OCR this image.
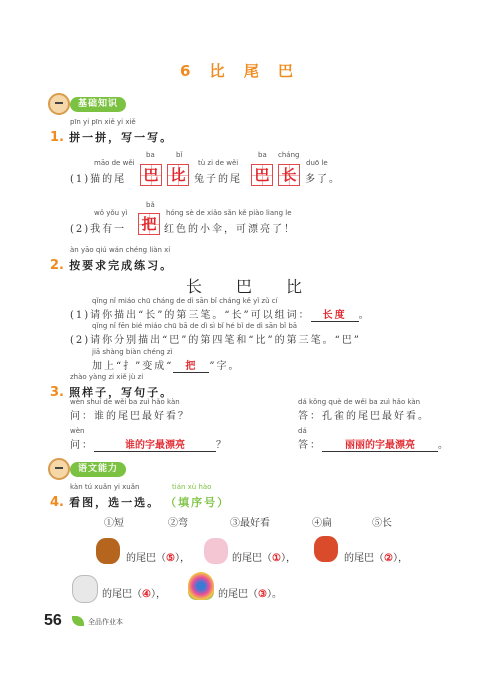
6 比 尾 巴
基础知识
pīn yi pīn xiě yi xiě
1. 拼一拼，写一写。
māo de wěi
ba	bǐ
tù zi de wěi
ba cháng
duō le
(1)猫的尾 巴 比 兔子的尾 巴 长 多了。
bǎ
wǒ yǒu yì	hóng sè de xiǎo sǎn kě piào liang le
(2)我有一 把 红色的小伞，可漂亮了！
àn yāo qiú wán chéng liàn xí
2. 按要求完成练习。
长 巴 比
qǐng nǐ miáo chū cháng de dì sān bǐ cháng kě yǐ zǔ cí
(1)请你描出“长”的第三笔。“长”可以组词： 长度 。
qǐng nǐ fēn bié miáo chū bā de dì sì bǐ hé bǐ de dì sān bǐ bā
(2)请你分别描出“巴”的第四笔和“比”的第三笔。“巴”
jiā shàng biàn chéng zì
加上“扌”变成“ 把 ”字。
zhào yàng zi xiě jù zi
3. 照样子，写句子。
wèn shuí de wěi ba zuì hǎo kàn	dá kǒng què de wěi ba zuì hǎo kàn
问：谁的尾巴最好看？	答：孔雀的尾巴最好看。
wèn	dá
问：	谁的字最漂亮	？	答： 丽丽的字最漂亮 。
语文能力
kàn tú xuǎn yi xuǎn	tián xù hào
4. 看图，选一选。 （填序号）
①短	②弯	③最好看	④扁	⑤长
的尾巴（⑤），	的尾巴（①），	的尾巴（②），
的尾巴（④），	的尾巴（③）。
56	全品作业本
